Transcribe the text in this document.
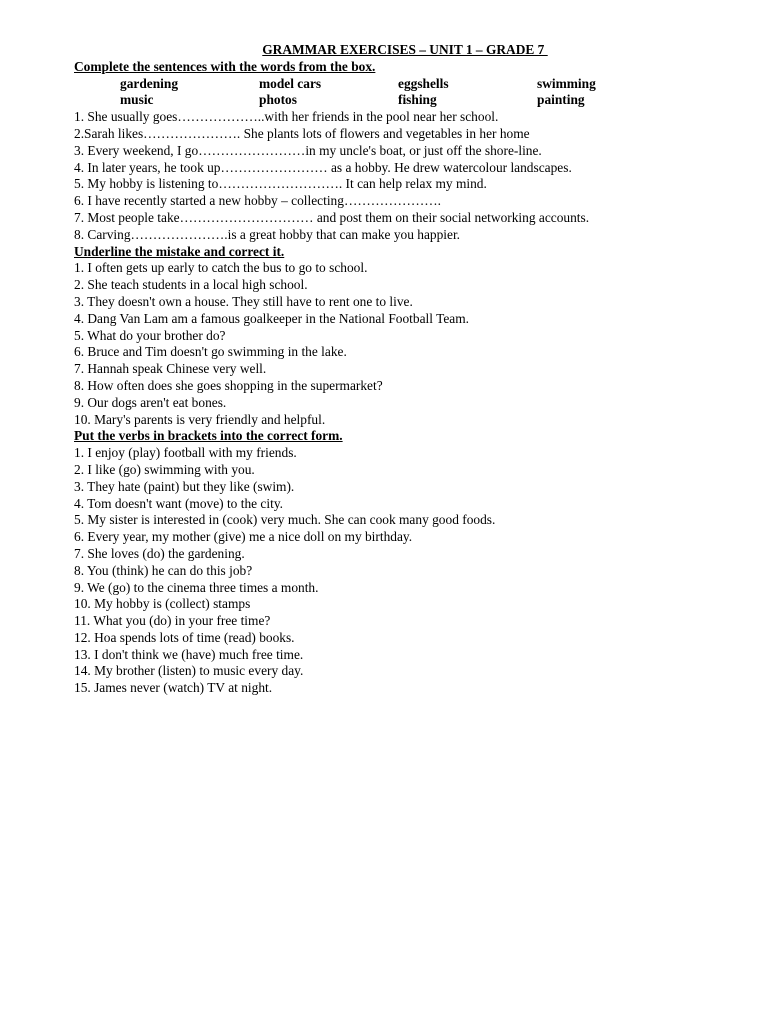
GRAMMAR EXERCISES – UNIT 1 – GRADE 7
Complete the sentences with the words from the box.
gardening	model cars	eggshells	swimming
music	photos	fishing	painting
1. She usually goes………………..with her friends in the pool near her school.
2.Sarah likes…………………. She plants lots of flowers and vegetables in her home
3. Every weekend, I go……………………in my uncle's boat, or just off the shore-line.
4. In later years, he took up…………………… as a hobby. He drew watercolour landscapes.
5. My hobby is listening to………………………. It can help relax my mind.
6. I have recently started a new hobby – collecting………………….
7. Most people take………………………… and post them on their social networking accounts.
8. Carving………………….is a great hobby that can make you happier.
Underline the mistake and correct it.
1. I often gets up early to catch the bus to go to school.
2. She teach students in a local high school.
3. They doesn't own a house. They still have to rent one to live.
4. Dang Van Lam am a famous goalkeeper in the National Football Team.
5. What do your brother do?
6. Bruce and Tim doesn't go swimming in the lake.
7. Hannah speak Chinese very well.
8. How often does she goes shopping in the supermarket?
9. Our dogs aren't eat bones.
10. Mary's parents is very friendly and helpful.
Put the verbs in brackets into the correct form.
1. I enjoy (play) football with my friends.
2. I like (go) swimming with you.
3. They hate (paint) but they like (swim).
4. Tom doesn't want (move) to the city.
5. My sister is interested in (cook) very much. She can cook many good foods.
6. Every year, my mother (give) me a nice doll on my birthday.
7. She loves (do) the gardening.
8. You (think) he can do this job?
9. We (go) to the cinema three times a month.
10. My hobby is (collect) stamps
11. What you (do) in your free time?
12. Hoa spends lots of time (read) books.
13. I don't think we (have) much free time.
14. My brother (listen) to music every day.
15. James never (watch) TV at night.
